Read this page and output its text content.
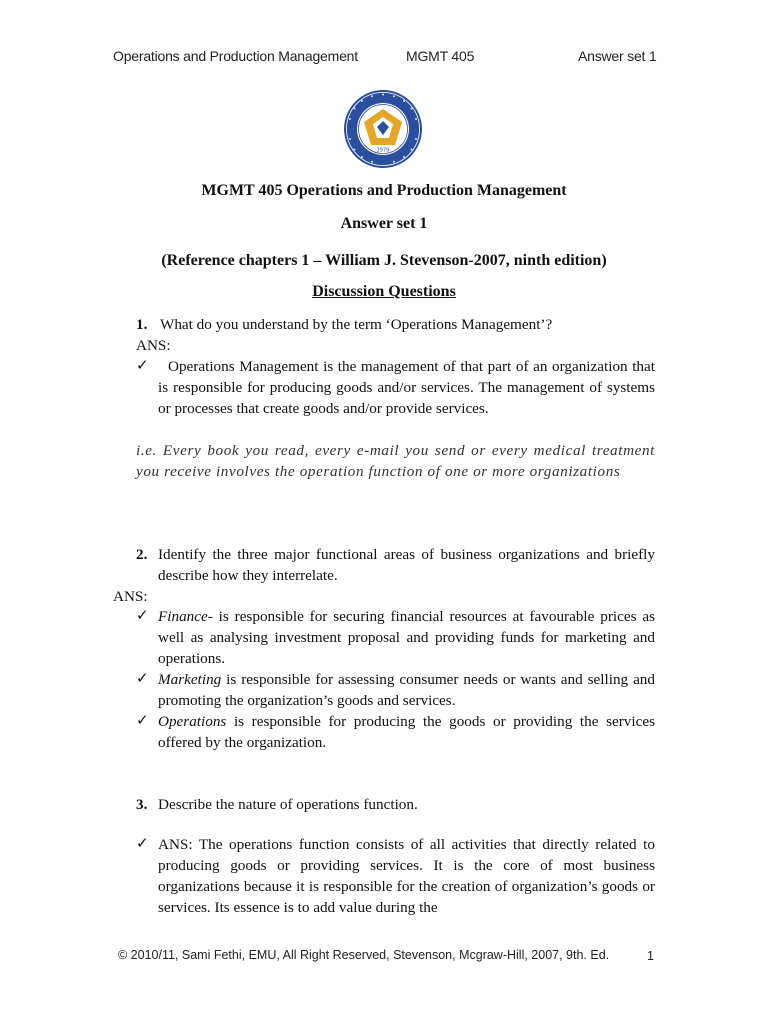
Operations and Production Management	MGMT 405	Answer set 1
1979
MGMT 405 Operations and Production Management
Answer set 1
(Reference chapters 1 – William J. Stevenson-2007, ninth edition)
Discussion Questions
1. What do you understand by the term ‘Operations Management’?
ANS:
✓	Operations Management is the management of that part of an organization that is responsible for producing goods and/or services. The management of systems or processes that create goods and/or provide services.
i.e. Every book you read, every e-mail you send or every medical treatment you receive involves the operation function of one or more organizations
2. Identify the three major functional areas of business organizations and briefly describe how they interrelate.
ANS:
✓ Finance- is responsible for securing financial resources at favourable prices as well as analysing investment proposal and providing funds for marketing and operations.
✓ Marketing is responsible for assessing consumer needs or wants and selling and promoting the organization’s goods and services.
✓ Operations is responsible for producing the goods or providing the services offered by the organization.
3. Describe the nature of operations function.
✓ ANS: The operations function consists of all activities that directly related to producing goods or providing services. It is the core of most business organizations because it is responsible for the creation of organization’s goods or services. Its essence is to add value during the
© 2010/11, Sami Fethi, EMU, All Right Reserved, Stevenson, Mcgraw-Hill, 2007, 9th. Ed.	1
